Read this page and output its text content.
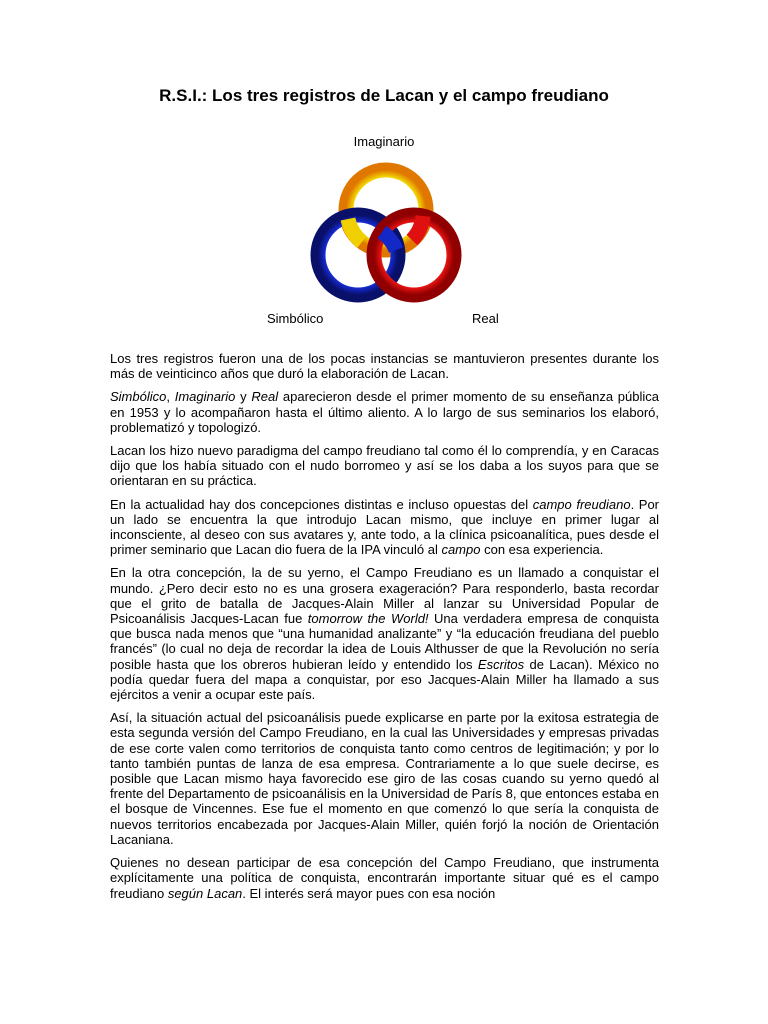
R.S.I.: Los tres registros de Lacan y el campo freudiano
Imaginario
Simbólico	Real

Los tres registros fueron una de los pocas instancias se mantuvieron presentes durante los más de veinticinco años que duró la elaboración de Lacan.

Simbólico, Imaginario y Real aparecieron desde el primer momento de su enseñanza pública en 1953 y lo acompañaron hasta el último aliento. A lo largo de sus seminarios los elaboró, problematizó y topologizó.

Lacan los hizo nuevo paradigma del campo freudiano tal como él lo comprendía, y en Caracas dijo que los había situado con el nudo borromeo y así se los daba a los suyos para que se orientaran en su práctica.

En la actualidad hay dos concepciones distintas e incluso opuestas del campo freudiano. Por un lado se encuentra la que introdujo Lacan mismo, que incluye en primer lugar al inconsciente, al deseo con sus avatares y, ante todo, a la clínica psicoanalítica, pues desde el primer seminario que Lacan dio fuera de la IPA vinculó al campo con esa experiencia.

En la otra concepción, la de su yerno, el Campo Freudiano es un llamado a conquistar el mundo. ¿Pero decir esto no es una grosera exageración? Para responderlo, basta recordar que el grito de batalla de Jacques-Alain Miller al lanzar su Universidad Popular de Psicoanálisis Jacques-Lacan fue tomorrow the World! Una verdadera empresa de conquista que busca nada menos que “una humanidad analizante” y “la educación freudiana del pueblo francés” (lo cual no deja de recordar la idea de Louis Althusser de que la Revolución no sería posible hasta que los obreros hubieran leído y entendido los Escritos de Lacan). México no podía quedar fuera del mapa a conquistar, por eso Jacques-Alain Miller ha llamado a sus ejércitos a venir a ocupar este país.

Así, la situación actual del psicoanálisis puede explicarse en parte por la exitosa estrategia de esta segunda versión del Campo Freudiano, en la cual las Universidades y empresas privadas de ese corte valen como territorios de conquista tanto como centros de legitimación; y por lo tanto también puntas de lanza de esa empresa. Contrariamente a lo que suele decirse, es posible que Lacan mismo haya favorecido ese giro de las cosas cuando su yerno quedó al frente del Departamento de psicoanálisis en la Universidad de París 8, que entonces estaba en el bosque de Vincennes. Ese fue el momento en que comenzó lo que sería la conquista de nuevos territorios encabezada por Jacques-Alain Miller, quién forjó la noción de Orientación Lacaniana.

Quienes no desean participar de esa concepción del Campo Freudiano, que instrumenta explícitamente una política de conquista, encontrarán importante situar qué es el campo freudiano según Lacan. El interés será mayor pues con esa noción
